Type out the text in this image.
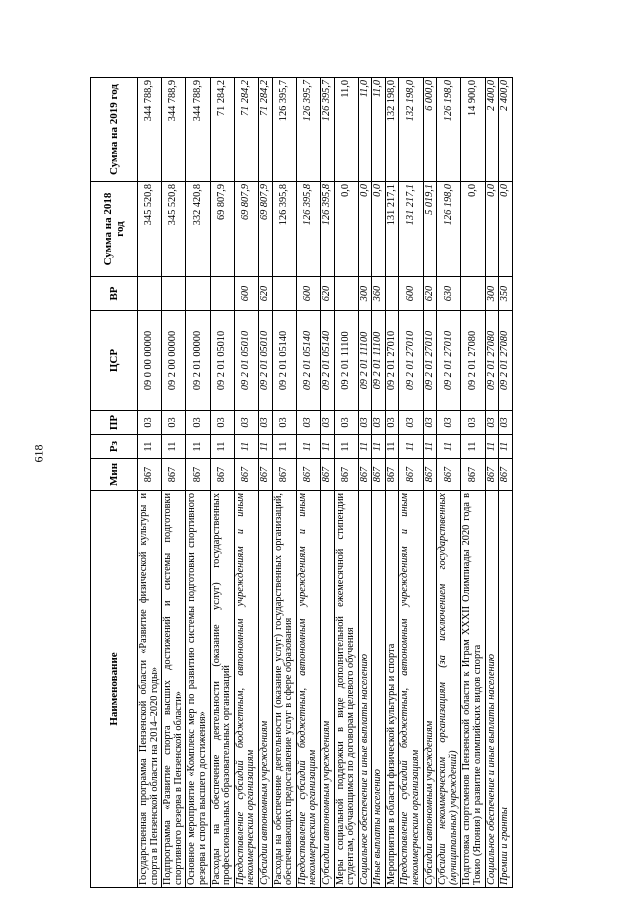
618
Наименование	Мин	Рз	ПР	ЦСР	ВР	Сумма на 2018 год	Сумма на 2019 год
Государственная программа Пензенской области «Развитие физической культуры и спорта в Пензенской области на 2014–2020 годы»	867	11	03	09 0 00 00000		345 520,8	344 788,9
Подпрограмма «Развитие спорта высших достижений и системы подготовки спортивного резерва в Пензенской области»	867	11	03	09 2 00 00000		345 520,8	344 788,9
Основное мероприятие «Комплекс мер по развитию системы подготовки спортивного резерва и спорта высшего достижения»	867	11	03	09 2 01 00000		332 420,8	344 788,9
Расходы на обеспечение деятельности (оказание услуг) государственных профессиональных образовательных организаций	867	11	03	09 2 01 05010		69 807,9	71 284,2
Предоставление субсидий бюджетным, автономным учреждениям и иным некоммерческим организациям	867	11	03	09 2 01 05010	600	69 807,9	71 284,2
Субсидии автономным учреждениям	867	11	03	09 2 01 05010	620	69 807,9	71 284,2
Расходы на обеспечение деятельности (оказание услуг) государственных организаций, обеспечивающих предоставление услуг в сфере образования	867	11	03	09 2 01 05140		126 395,8	126 395,7
Предоставление субсидий бюджетным, автономным учреждениям и иным некоммерческим организациям	867	11	03	09 2 01 05140	600	126 395,8	126 395,7
Субсидии автономным учреждениям	867	11	03	09 2 01 05140	620	126 395,8	126 395,7
Меры социальной поддержки в виде дополнительной ежемесячной стипендии студентам, обучающимся по договорам целевого обучения	867	11	03	09 2 01 11100		0,0	11,0
Социальное обеспечение и иные выплаты населению	867	11	03	09 2 01 11100	300	0,0	11,0
Иные выплаты населению	867	11	03	09 2 01 11100	360	0,0	11,0
Мероприятия в области физической культуры и спорта	867	11	03	09 2 01 27010		131 217,1	132 198,0
Предоставление субсидий бюджетным, автономным учреждениям и иным некоммерческим организациям	867	11	03	09 2 01 27010	600	131 217,1	132 198,0
Субсидии автономным учреждениям	867	11	03	09 2 01 27010	620	5 019,1	6 000,0
Субсидии некоммерческим организациям (за исключением государственных (муниципальных) учреждений)	867	11	03	09 2 01 27010	630	126 198,0	126 198,0
Подготовка спортсменов Пензенской области к Играм XXXII Олимпиады 2020 года в Токио (Япония) и развитие олимпийских видов спорта	867	11	03	09 2 01 27080		0,0	14 900,0
Социальное обеспечение и иные выплаты населению	867	11	03	09 2 01 27080	300	0,0	2 400,0
Премии и гранты	867	11	03	09 2 01 27080	350	0,0	2 400,0
